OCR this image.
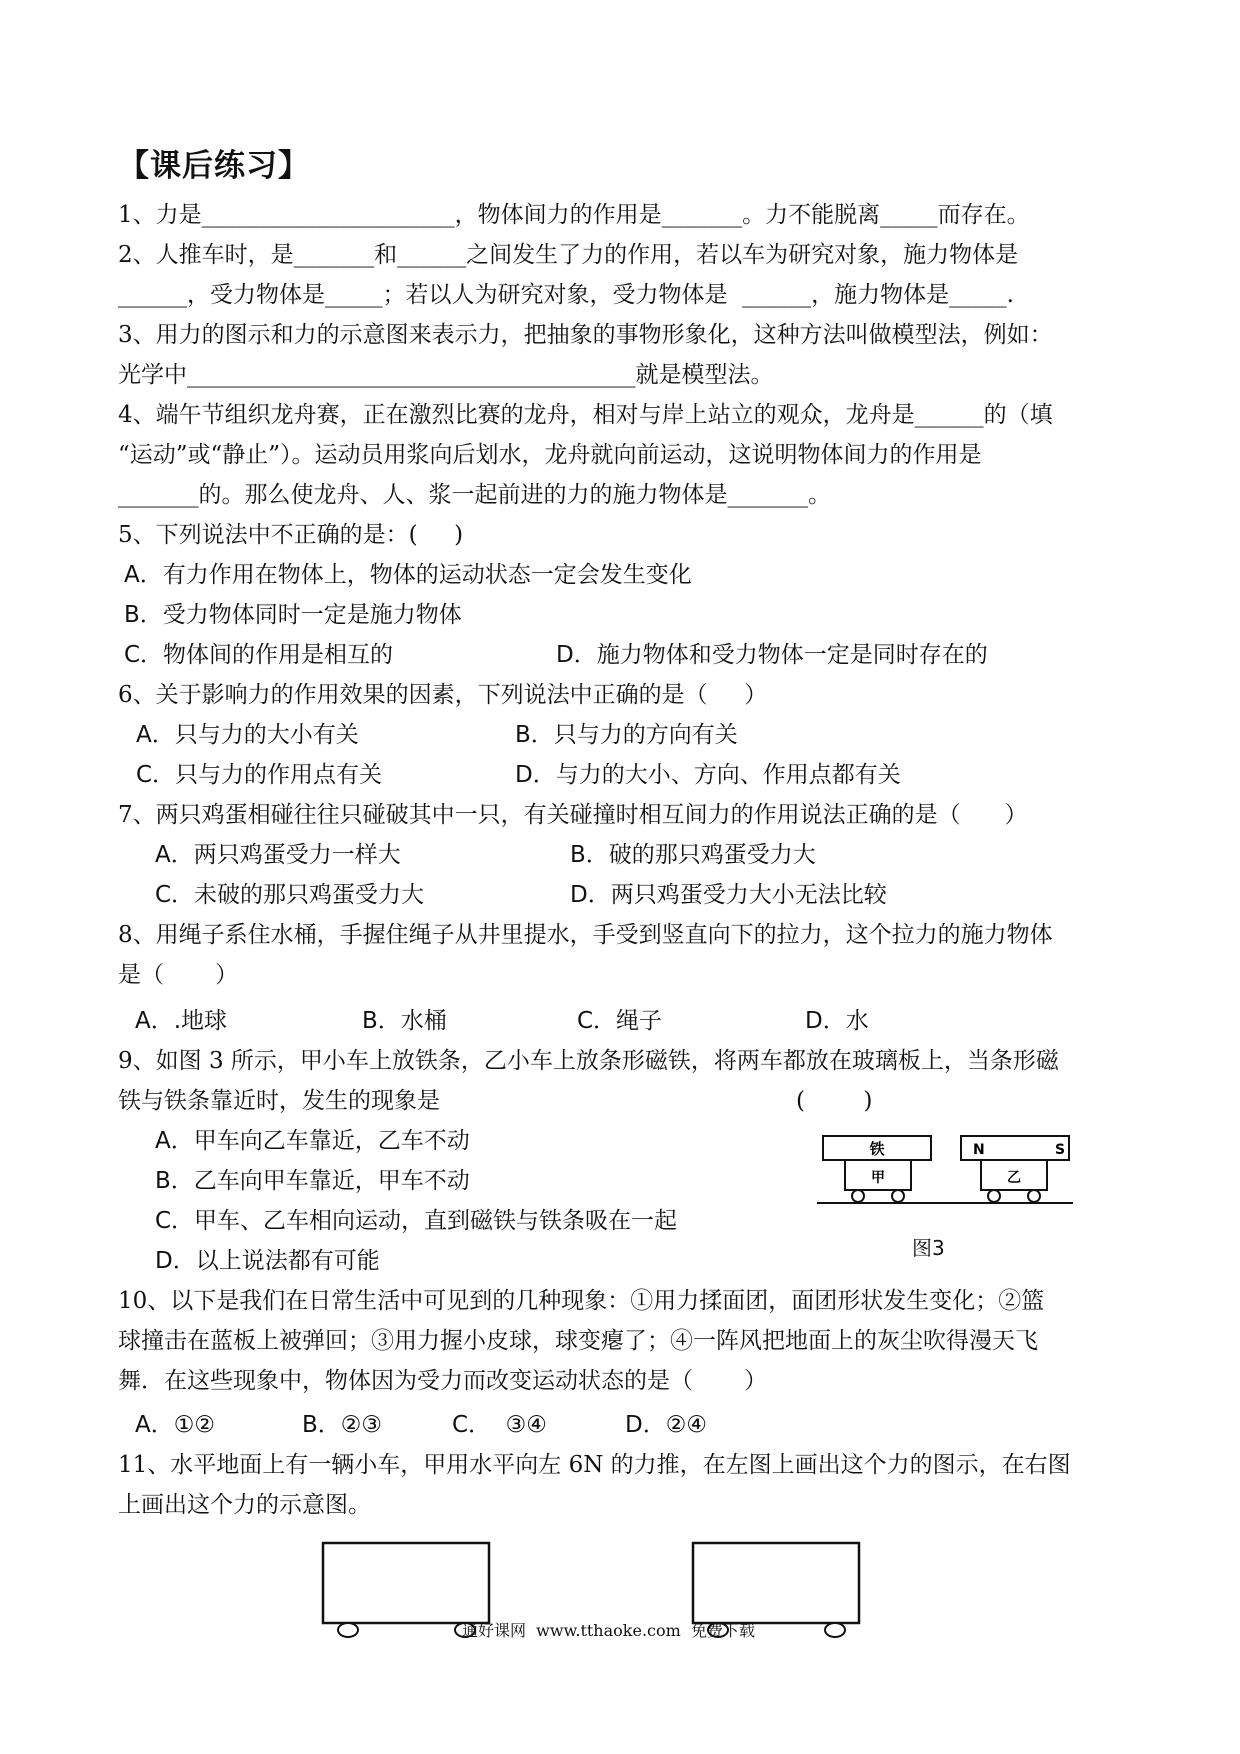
【课后练习】
1、力是______________________，物体间力的作用是_______。力不能脱离_____而存在。
2、人推车时，是_______和______之间发生了力的作用，若以车为研究对象，施力物体是
______，受力物体是_____；若以人为研究对象，受力物体是  ______，施力物体是_____.
3、用力的图示和力的示意图来表示力，把抽象的事物形象化，这种方法叫做模型法，例如：
光学中_______________________________________就是模型法。
4、端午节组织龙舟赛，正在激烈比赛的龙舟，相对与岸上站立的观众，龙舟是______的（填
“运动”或“静止”）。运动员用浆向后划水，龙舟就向前运动，这说明物体间力的作用是
_______的。那么使龙舟、人、浆一起前进的力的施力物体是_______。
5、下列说法中不正确的是：(     )
A．有力作用在物体上，物体的运动状态一定会发生变化
B．受力物体同时一定是施力物体
C．物体间的作用是相互的	D．施力物体和受力物体一定是同时存在的
6、关于影响力的作用效果的因素，下列说法中正确的是（     ）
A．只与力的大小有关	B．只与力的方向有关
C．只与力的作用点有关	D．与力的大小、方向、作用点都有关
7、两只鸡蛋相碰往往只碰破其中一只，有关碰撞时相互间力的作用说法正确的是（      ）
A．两只鸡蛋受力一样大	B．破的那只鸡蛋受力大
C．未破的那只鸡蛋受力大	D．两只鸡蛋受力大小无法比较
8、用绳子系住水桶，手握住绳子从井里提水，手受到竖直向下的拉力，这个拉力的施力物体
是（       ）
A．.地球	B．水桶	C．绳子	D．水
9、如图 3 所示，甲小车上放铁条，乙小车上放条形磁铁，将两车都放在玻璃板上，当条形磁
铁与铁条靠近时，发生的现象是	(        )
A．甲车向乙车靠近，乙车不动
B．乙车向甲车靠近，甲车不动
C．甲车、乙车相向运动，直到磁铁与铁条吸在一起
D．以上说法都有可能
铁
甲
N	S
乙
图3
10、以下是我们在日常生活中可见到的几种现象：①用力揉面团，面团形状发生变化；②篮
球撞击在蓝板上被弹回；③用力握小皮球，球变瘪了；④一阵风把地面上的灰尘吹得漫天飞
舞．在这些现象中，物体因为受力而改变运动状态的是（       ）
A．①②	B．②③	C．  ③④	D．②④
11、水平地面上有一辆小车，甲用水平向左 6N 的力推，在左图上画出这个力的图示，在右图
上画出这个力的示意图。
通好课网  www.tthaoke.com  免费下载
